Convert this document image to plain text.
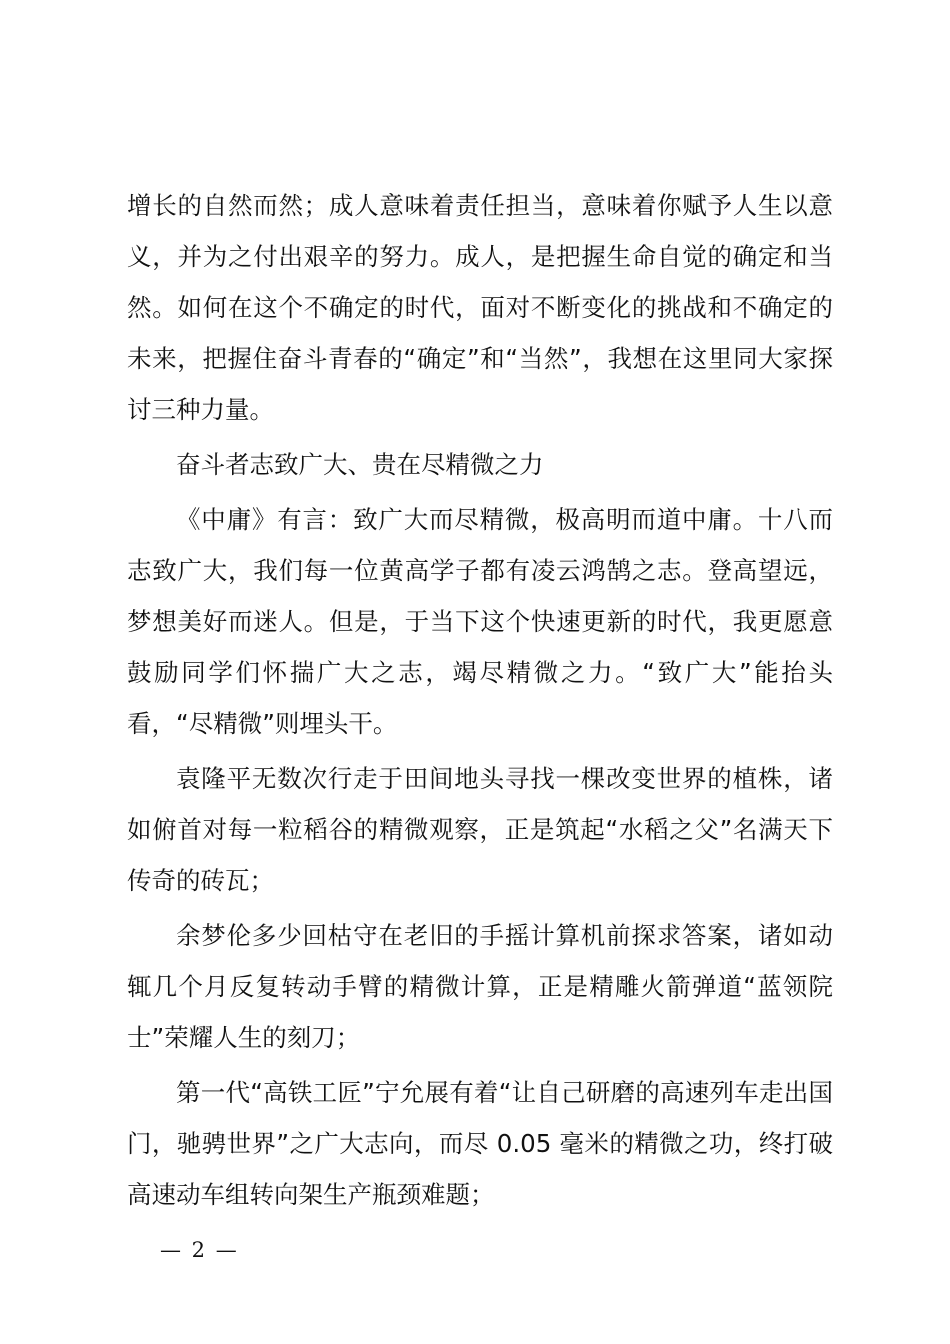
增长的自然而然；成人意味着责任担当，意味着你赋予人生以意义，并为之付出艰辛的努力。成人，是把握生命自觉的确定和当然。如何在这个不确定的时代，面对不断变化的挑战和不确定的未来，把握住奋斗青春的“确定”和“当然”，我想在这里同大家探讨三种力量。

奋斗者志致广大、贵在尽精微之力

《中庸》有言：致广大而尽精微，极高明而道中庸。十八而志致广大，我们每一位黄高学子都有凌云鸿鹄之志。登高望远，梦想美好而迷人。但是，于当下这个快速更新的时代，我更愿意鼓励同学们怀揣广大之志，竭尽精微之力。“致广大”能抬头看，“尽精微”则埋头干。

袁隆平无数次行走于田间地头寻找一棵改变世界的植株，诸如俯首对每一粒稻谷的精微观察，正是筑起“水稻之父”名满天下传奇的砖瓦；

余梦伦多少回枯守在老旧的手摇计算机前探求答案，诸如动辄几个月反复转动手臂的精微计算，正是精雕火箭弹道“蓝领院士”荣耀人生的刻刀；

第一代“高铁工匠”宁允展有着“让自己研磨的高速列车走出国门，驰骋世界”之广大志向，而尽 0.05 毫米的精微之功，终打破高速动车组转向架生产瓶颈难题；

— 2 —
